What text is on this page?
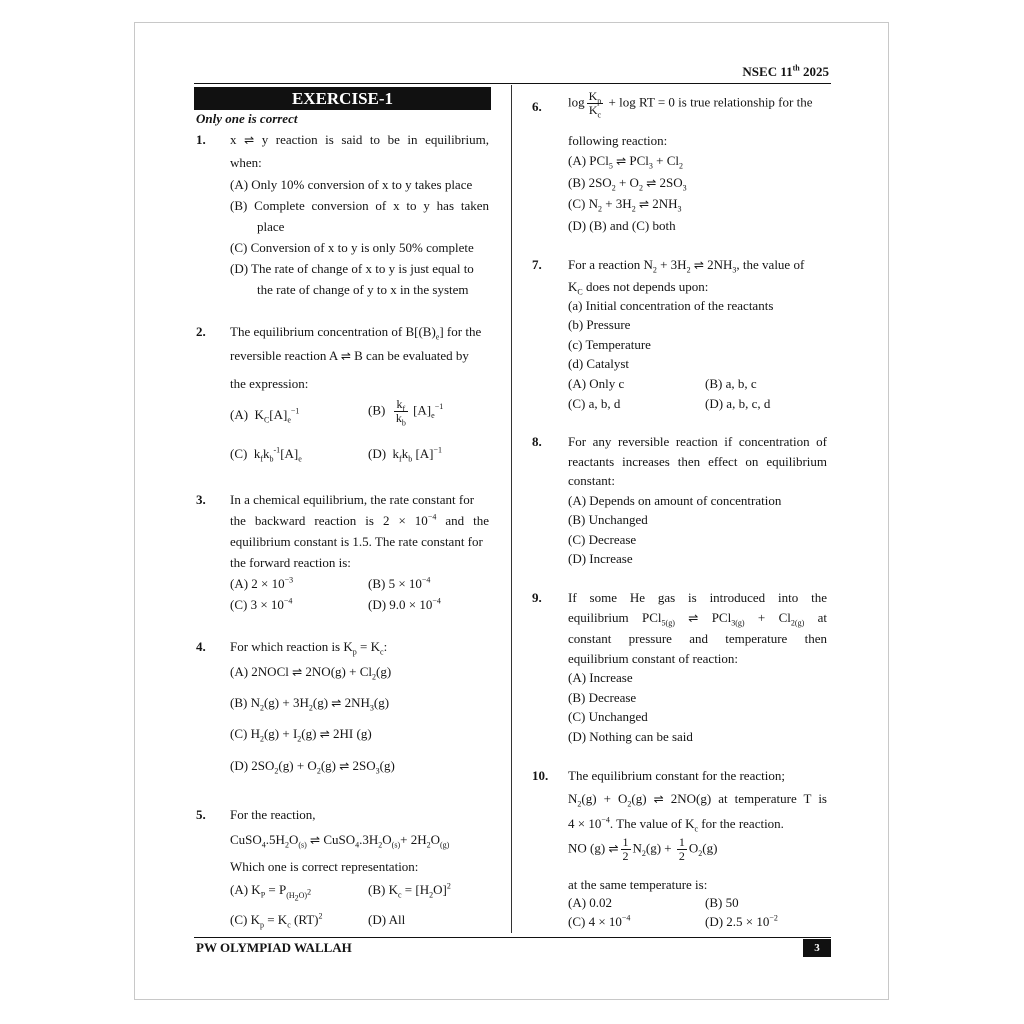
NSEC 11th 2025
EXERCISE-1
Only one is correct
1. x ⇌ y reaction is said to be in equilibrium,
when:
(A) Only 10% conversion of x to y takes place
(B) Complete conversion of x to y has taken
place
(C) Conversion of x to y is only 50% complete
(D) The rate of change of x to y is just equal to
the rate of change of y to x in the system
2. The equilibrium concentration of $B[(B)_e]$ for the
reversible reaction A ⇌ B can be evaluated by
the expression:
(A) $K_C[A]_e^{-1}$	$(B) \frac{k_f}{k_b} [A]_e^{-1}$
(C)  $k_fk_b^{-1}[A]_e$	(D) $k_fk_b$ $[A]^{-1}$
3. In a chemical equilibrium, the rate constant for
the backward reaction is $2 \times 10^{-4}$ and the
equilibrium constant is 1.5. The rate constant for
the forward reaction is:
(A) $2 \times 10^{-3}$	(B) $5 \times 10^{-4}$
(C) $3 \times 10^{-4}$	(D) $9.0 \times 10^{-4}$
4. For which reaction is $K_p = K_c$:
(A) 2NOCl ⇌ $2NO(g) + Cl_2(g)$
(B) $N_2(g) + 3H_2(g)$ ⇌ $2NH_3(g)$
(C) $H_2(g) + I_2(g)$ ⇌ 2HI (g)
(D) $2SO_2(g) + O_2(g)$ ⇌ $2SO_3(g)$
5. For the reaction,
$CuSO_4.5H_2O_{(s)}$ ⇌ $CuSO_4.3H_2O_{(s)}+ 2H_2O_{(g)}$
Which one is correct representation:
(A) $K_P = P_{(H_2O)^2}$	(B) $K_c = [H_2O]^2$
(C) $K_p = K_c$ (RT)$^2$	(D) All
6. $\log \frac{K_p}{K_c} + \log$ RT = 0 is true relationship for the
following reaction:
(A) PCl$_5$ ⇌ $PCl_3 + Cl_2$
(B) $2SO_2 + O_2$ ⇌ $2SO_3$
(C) $N_2 + 3H_2$ ⇌ $2NH_3$
(D) (B) and (C) both
7. For a reaction $N_2 + 3H_2$ ⇌ $2NH_3$, the value of
$K_C$ does not depends upon:
(a) Initial concentration of the reactants
(b) Pressure
(c) Temperature
(d) Catalyst
(A) Only c	(B) a, b, c
(C) a, b, d	(D) a, b, c, d
8. For any reversible reaction if concentration of
reactants increases then effect on equilibrium
constant:
(A) Depends on amount of concentration
(B) Unchanged
(C) Decrease
(D) Increase
9. If some He gas is introduced into the
equilibrium PCl$_{5(g)}$ ⇌ $PCl_{3(g)} + Cl_{2(g)}$ at
constant pressure and temperature then
equilibrium constant of reaction:
(A) Increase
(B) Decrease
(C) Unchanged
(D) Nothing can be said
10. The equilibrium constant for the reaction;
$N_2(g) + O_2(g)$ ⇌ 2NO(g) at temperature T is
$4 \times 10^{-4}$. The value of $K_c$ for the reaction.
NO (g) ⇌ $\frac{1}{2} N_2(g) + \frac{1}{2} O_2(g)$
at the same temperature is:
(A) 0.02	(B) 50
(C) $4 \times 10^{-4}$	(D) $2.5 \times 10^{-2}$
PW OLYMPIAD WALLAH	3
